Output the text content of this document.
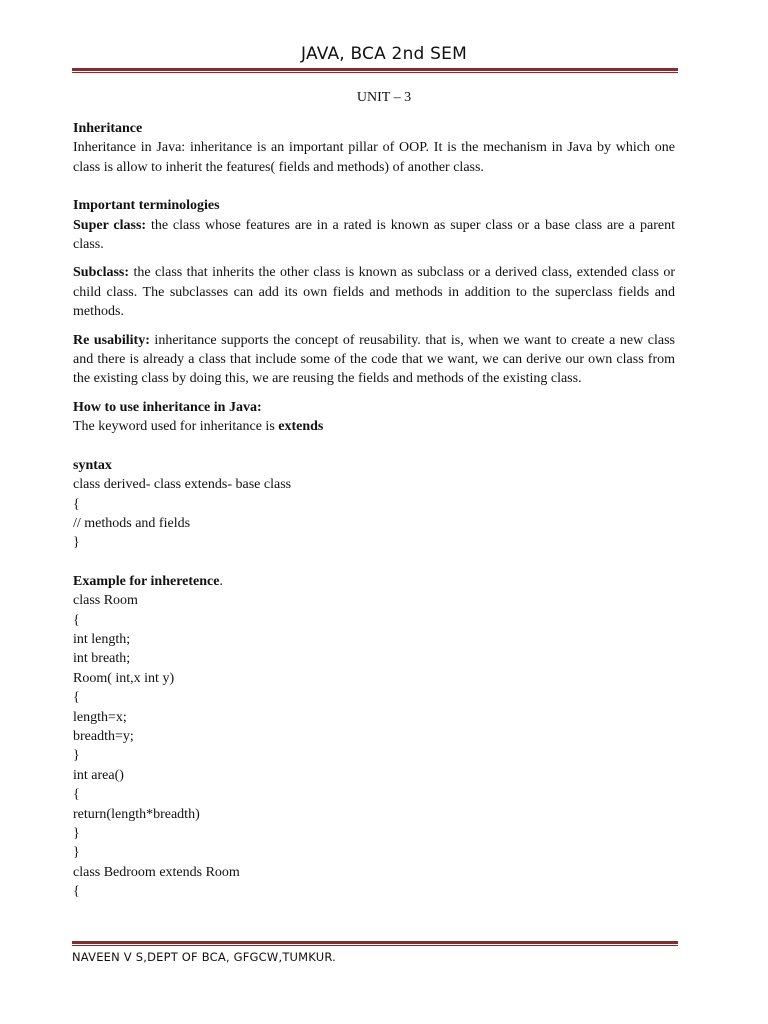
JAVA, BCA 2nd SEM
UNIT – 3

Inheritance

Inheritance in Java: inheritance is an important pillar of OOP. It is the mechanism in Java by which one class is allow to inherit the features( fields and methods) of another class.

Important terminologies

Super class: the class whose features are in a rated is known as super class or a base class are a parent class.

Subclass: the class that inherits the other class is known as subclass or a derived class, extended class or child class. The subclasses can add its own fields and methods in addition to the superclass fields and methods.

Re usability: inheritance supports the concept of reusability. that is, when we want to create a new class and there is already a class that include some of the code that we want, we can derive our own class from the existing class by doing this, we are reusing the fields and methods of the existing class.

How to use inheritance in Java:

The keyword used for inheritance is extends

syntax

class derived- class extends- base class

{

// methods and fields

}

Example for inheretence.

class Room

{

int length;

int breath;

Room( int,x int y)

{

length=x;

breadth=y;

}

int area()

{

return(length*breadth)

}

}

class Bedroom extends Room

{

NAVEEN V S,DEPT OF BCA, GFGCW,TUMKUR.
